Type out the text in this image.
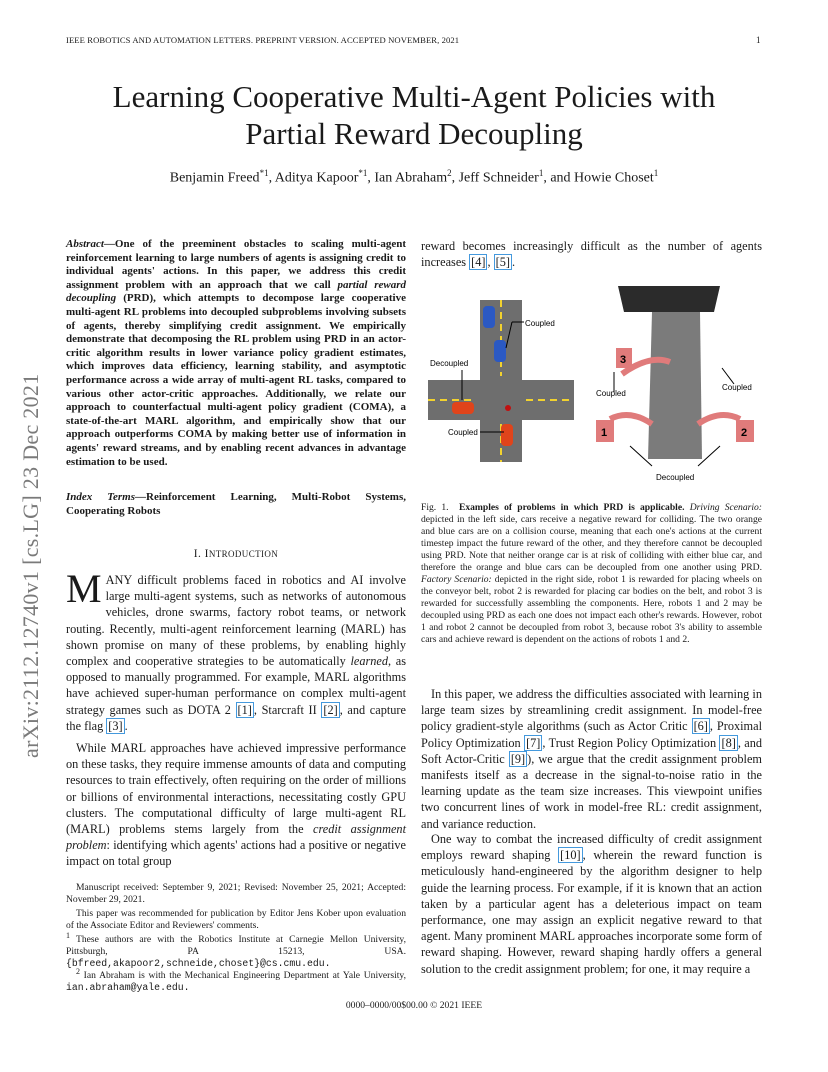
IEEE ROBOTICS AND AUTOMATION LETTERS. PREPRINT VERSION. ACCEPTED NOVEMBER, 2021	1
Learning Cooperative Multi-Agent Policies with
Partial Reward Decoupling
Benjamin Freed$^{*1}$, Aditya Kapoor$^{*1}$, Ian Abraham$^2$, Jeff Schneider$^1$, and Howie Choset$^1$
arXiv:2112.12740v1 [cs.LG] 23 Dec 2021
Abstract—One of the preeminent obstacles to scaling multi-agent reinforcement learning to large numbers of agents is assigning credit to individual agents' actions. In this paper, we address this credit assignment problem with an approach that we call partial reward decoupling (PRD), which attempts to decompose large cooperative multi-agent RL problems into decoupled subproblems involving subsets of agents, thereby simplifying credit assignment. We empirically demonstrate that decomposing the RL problem using PRD in an actor-critic algorithm results in lower variance policy gradient estimates, which improves data efficiency, learning stability, and asymptotic performance across a wide array of multi-agent RL tasks, compared to various other actor-critic approaches. Additionally, we relate our approach to counterfactual multi-agent policy gradient (COMA), a state-of-the-art MARL algorithm, and empirically show that our approach outperforms COMA by making better use of information in agents' reward streams, and by enabling recent advances in advantage estimation to be used.
Index Terms—Reinforcement Learning, Multi-Robot Systems, Cooperating Robots
I. INTRODUCTION
MANY difficult problems faced in robotics and AI involve large multi-agent systems, such as networks of autonomous vehicles, drone swarms, factory robot teams, or network routing. Recently, multi-agent reinforcement learning (MARL) has shown promise on many of these problems, by enabling highly complex and cooperative strategies to be automatically learned, as opposed to manually programmed. For example, MARL algorithms have achieved super-human performance on complex multi-agent strategy games such as DOTA 2 [1] , Starcraft II [2] , and capture the flag [3] .
While MARL approaches have achieved impressive performance on these tasks, they require immense amounts of data and computing resources to train effectively, often requiring on the order of millions or billions of environmental interactions, necessitating costly GPU clusters. The computational difficulty of large multi-agent RL (MARL) problems stems largely from the credit assignment problem: identifying which agents' actions had a positive or negative impact on total group
Manuscript received: September 9, 2021; Revised: November 25, 2021; Accepted: November 29, 2021.
This paper was recommended for publication by Editor Jens Kober upon evaluation of the Associate Editor and Reviewers' comments.
$^1$ These authors are with the Robotics Institute at Carnegie Mellon University, Pittsburgh, PA 15213, USA. {bfreed,akapoor2,schneide,choset}@cs.cmu.edu.
$^2$ Ian Abraham is with the Mechanical Engineering Department at Yale University, ian.abraham@yale.edu.
reward becomes increasingly difficult as the number of agents increases [4] , [5] .
Coupled
Decoupled
Coupled
3
1	2
Coupled
Coupled
Decoupled
Fig. 1. Examples of problems in which PRD is applicable. Driving Scenario: depicted in the left side, cars receive a negative reward for colliding. The two orange and blue cars are on a collision course, meaning that each one's actions at the current timestep impact the future reward of the other, and they therefore cannot be decoupled using PRD. Note that neither orange car is at risk of colliding with either blue car, and therefore the orange and blue cars can be decoupled from one another using PRD. Factory Scenario: depicted in the right side, robot 1 is rewarded for placing wheels on the conveyor belt, robot 2 is rewarded for placing car bodies on the belt, and robot 3 is rewarded for successfully assembling the components. Here, robots 1 and 2 may be decoupled using PRD as each one does not impact each other's rewards. However, robot 1 and robot 2 cannot be decoupled from robot 3, because robot 3's ability to assemble cars and achieve reward is dependent on the actions of robots 1 and 2.
In this paper, we address the difficulties associated with learning in large team sizes by streamlining credit assignment. In model-free policy gradient-style algorithms (such as Actor Critic [6] , Proximal Policy Optimization [7] , Trust Region Policy Optimization [8] , and Soft Actor-Critic [9] ), we argue that the credit assignment problem manifests itself as a decrease in the signal-to-noise ratio in the learning update as the team size increases. This viewpoint unifies two concurrent lines of work in model-free RL: credit assignment, and variance reduction.
One way to combat the increased difficulty of credit assignment employs reward shaping [10] , wherein the reward function is meticulously hand-engineered by the algorithm designer to help guide the learning process. For example, if it is known that an action taken by a particular agent has a deleterious impact on team performance, one may assign an explicit negative reward to that agent. Many prominent MARL approaches incorporate some form of reward shaping. However, reward shaping hardly offers a general solution to the credit assignment problem; for one, it may require a
0000–0000/00$00.00 © 2021 IEEE
